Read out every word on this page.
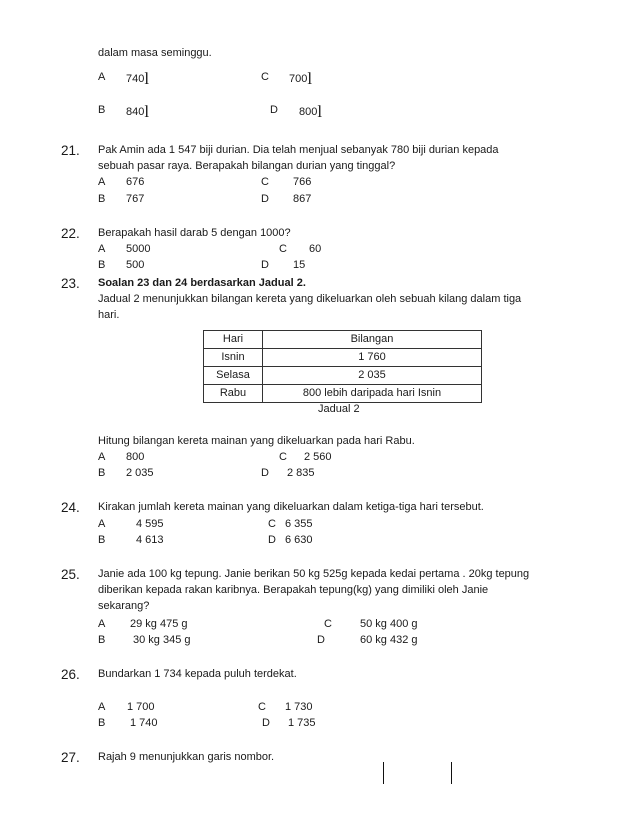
dalam masa seminggu.
A 740l	C 700l
B 840l	D 800l
21. Pak Amin ada 1 547 biji durian. Dia telah menjual sebanyak 780 biji durian kepada
sebuah pasar raya. Berapakah bilangan durian yang tinggal?
A 676	C 766
B 767	D 867
22. Berapakah hasil darab 5 dengan 1000?
A 5000	C 60
B 500	D 15
23. Soalan 23 dan 24 berdasarkan Jadual 2.
Jadual 2 menunjukkan bilangan kereta yang dikeluarkan oleh sebuah kilang dalam tiga
hari.
Hari	Bilangan
Isnin	1 760
Selasa	2 035
Rabu	800 lebih daripada hari Isnin
Jadual 2
Hitung bilangan kereta mainan yang dikeluarkan pada hari Rabu.
A 800	C 2 560
B 2 035	D 2 835
24. Kirakan jumlah kereta mainan yang dikeluarkan dalam ketiga-tiga hari tersebut.
A	4 595	C 6 355
B	4 613	D 6 630
25. Janie ada 100 kg tepung. Janie berikan 50 kg 525g kepada kedai pertama . 20kg tepung
diberikan kepada rakan karibnya. Berapakah tepung(kg) yang dimiliki oleh Janie
sekarang?
A 29 kg 475 g	C	50 kg 400 g
B	30 kg 345 g	D	60 kg 432 g
26. Bundarkan 1 734 kepada puluh terdekat.
A 1 700	C 1 730
B 1 740	D 1 735
27. Rajah 9 menunjukkan garis nombor.
